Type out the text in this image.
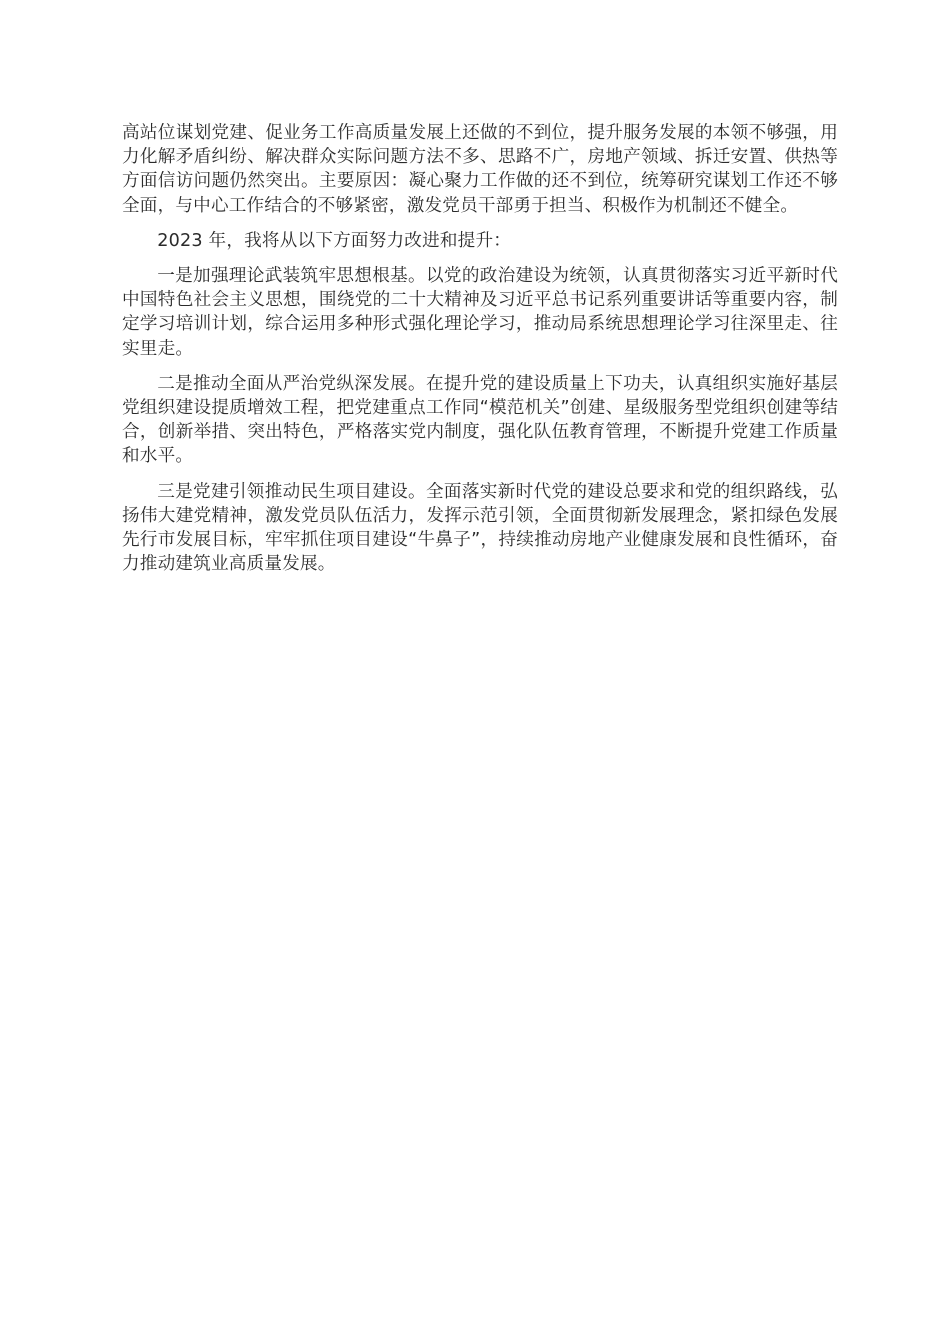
高站位谋划党建、促业务工作高质量发展上还做的不到位，提升服务发展的本领不够强，用力化解矛盾纠纷、解决群众实际问题方法不多、思路不广，房地产领域、拆迁安置、供热等方面信访问题仍然突出。主要原因：凝心聚力工作做的还不到位，统筹研究谋划工作还不够全面，与中心工作结合的不够紧密，激发党员干部勇于担当、积极作为机制还不健全。

2023 年，我将从以下方面努力改进和提升：

一是加强理论武装筑牢思想根基。以党的政治建设为统领，认真贯彻落实习近平新时代中国特色社会主义思想，围绕党的二十大精神及习近平总书记系列重要讲话等重要内容，制定学习培训计划，综合运用多种形式强化理论学习，推动局系统思想理论学习往深里走、往实里走。

二是推动全面从严治党纵深发展。在提升党的建设质量上下功夫，认真组织实施好基层党组织建设提质增效工程，把党建重点工作同“模范机关”创建、星级服务型党组织创建等结合，创新举措、突出特色，严格落实党内制度，强化队伍教育管理，不断提升党建工作质量和水平。

三是党建引领推动民生项目建设。全面落实新时代党的建设总要求和党的组织路线，弘扬伟大建党精神，激发党员队伍活力，发挥示范引领，全面贯彻新发展理念，紧扣绿色发展先行市发展目标，牢牢抓住项目建设“牛鼻子”，持续推动房地产业健康发展和良性循环，奋力推动建筑业高质量发展。
